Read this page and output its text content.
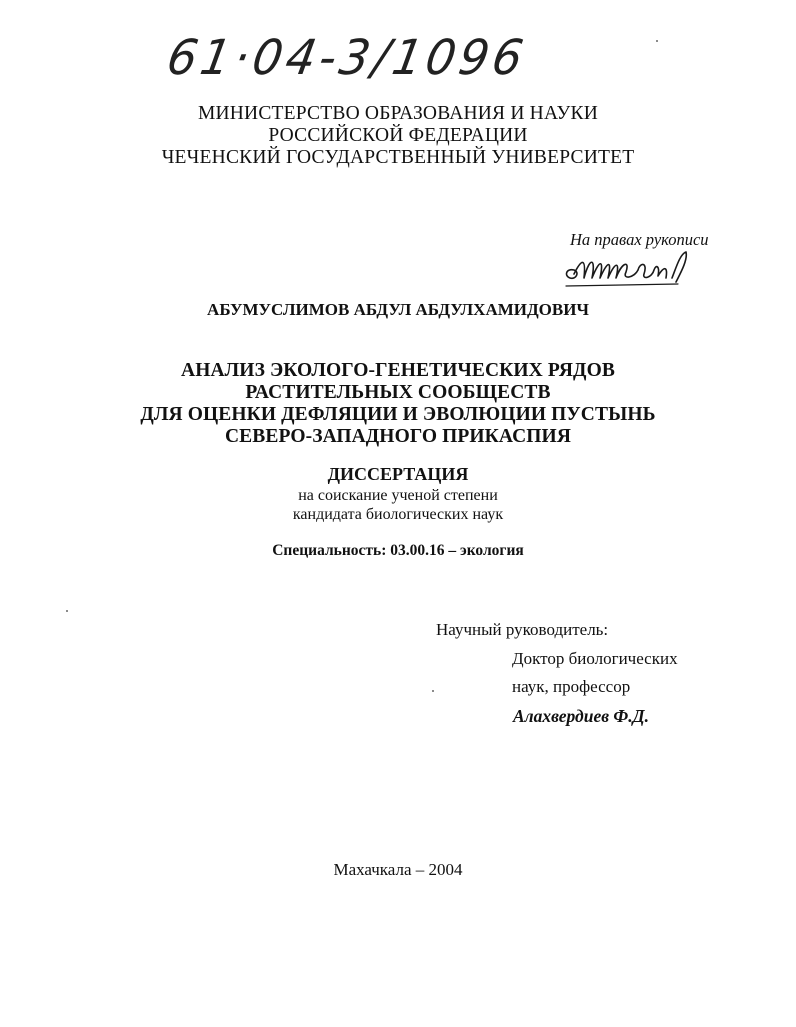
61·04-3/1096
МИНИСТЕРСТВО ОБРАЗОВАНИЯ И НАУКИ
РОССИЙСКОЙ ФЕДЕРАЦИИ
ЧЕЧЕНСКИЙ ГОСУДАРСТВЕННЫЙ УНИВЕРСИТЕТ
На правах рукописи
АБУМУСЛИМОВ АБДУЛ АБДУЛХАМИДОВИЧ
АНАЛИЗ ЭКОЛОГО-ГЕНЕТИЧЕСКИХ РЯДОВ
РАСТИТЕЛЬНЫХ СООБЩЕСТВ
ДЛЯ ОЦЕНКИ ДЕФЛЯЦИИ И ЭВОЛЮЦИИ ПУСТЫНЬ
СЕВЕРО-ЗАПАДНОГО ПРИКАСПИЯ
ДИССЕРТАЦИЯ
на соискание ученой степени
кандидата биологических наук
Специальность: 03.00.16 – экология
Научный руководитель:
Доктор биологических
наук, профессор
Алахвердиев Ф.Д.
Махачкала – 2004
